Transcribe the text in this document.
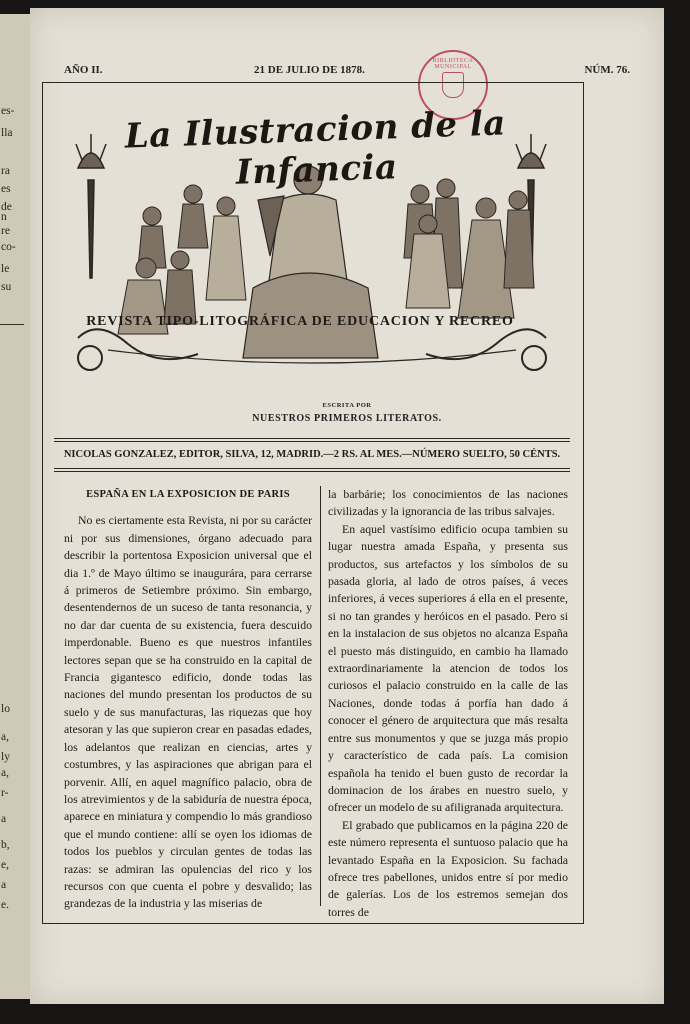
es-
lla
ra
es
de
n
re
co-
le
su
lo
a,
ly
a,
r-
a
b,
e,
a
e.
AÑO II.	21 DE JULIO DE 1878.	NÚM. 76.
BIBLIOTECA MUNICIPAL
La Ilustracion de la Infancia
REVISTA TIPO-LITOGRÁFICA DE EDUCACION Y RECREO
ESCRITA POR
NUESTROS PRIMEROS LITERATOS.
NICOLAS GONZALEZ, EDITOR, SILVA, 12, MADRID.—2 RS. AL MES.—NÚMERO SUELTO, 50 CÉNTS.
ESPAÑA EN LA EXPOSICION DE PARIS

No es ciertamente esta Revista, ni por su carácter ni por sus dimensiones, órgano adecuado para describir la portentosa Exposicion universal que el dia 1.º de Mayo último se inaugurára, para cerrarse á primeros de Setiembre próximo. Sin embargo, desentendernos de un suceso de tanta resonancia, y no dar dar cuenta de su existencia, fuera descuido imperdonable. Bueno es que nuestros infantiles lectores sepan que se ha construido en la capital de Francia gigantesco edificio, donde todas las naciones del mundo presentan los productos de su suelo y de sus manufacturas, las riquezas que hoy atesoran y las que supieron crear en pasadas edades, los adelantos que realizan en ciencias, artes y costumbres, y las aspiraciones que abrigan para el porvenir. Allí, en aquel magnífico palacio, obra de los atrevimientos y de la sabiduría de nuestra época, aparece en miniatura y compendio lo más grandioso que el mundo contiene: allí se oyen los idiomas de todos los pueblos y circulan gentes de todas las razas: se admiran las opulencias del rico y los recursos con que cuenta el pobre y desvalido; las grandezas de la industria y las miserias de

la barbárie; los conocimientos de las naciones civilizadas y la ignorancia de las tribus salvajes.

En aquel vastísimo edificio ocupa tambien su lugar nuestra amada España, y presenta sus productos, sus artefactos y los símbolos de su pasada gloria, al lado de otros países, á veces inferiores, á veces superiores á ella en el presente, si no tan grandes y heróicos en el pasado. Pero si en la instalacion de sus objetos no alcanza España el puesto más distinguido, en cambio ha llamado extraordinariamente la atencion de todos los curiosos el palacio construido en la calle de las Naciones, donde todas á porfía han dado á conocer el género de arquitectura que más resalta entre sus monumentos y que se juzga más propio y característico de cada país. La comision española ha tenido el buen gusto de recordar la dominacion de los árabes en nuestro suelo, y ofrecer un modelo de su afiligranada arquitectura.

El grabado que publicamos en la página 220 de este número representa el suntuoso palacio que ha levantado España en la Exposicion. Su fachada ofrece tres pabellones, unidos entre sí por medio de galerías. Los de los estremos semejan dos torres de
